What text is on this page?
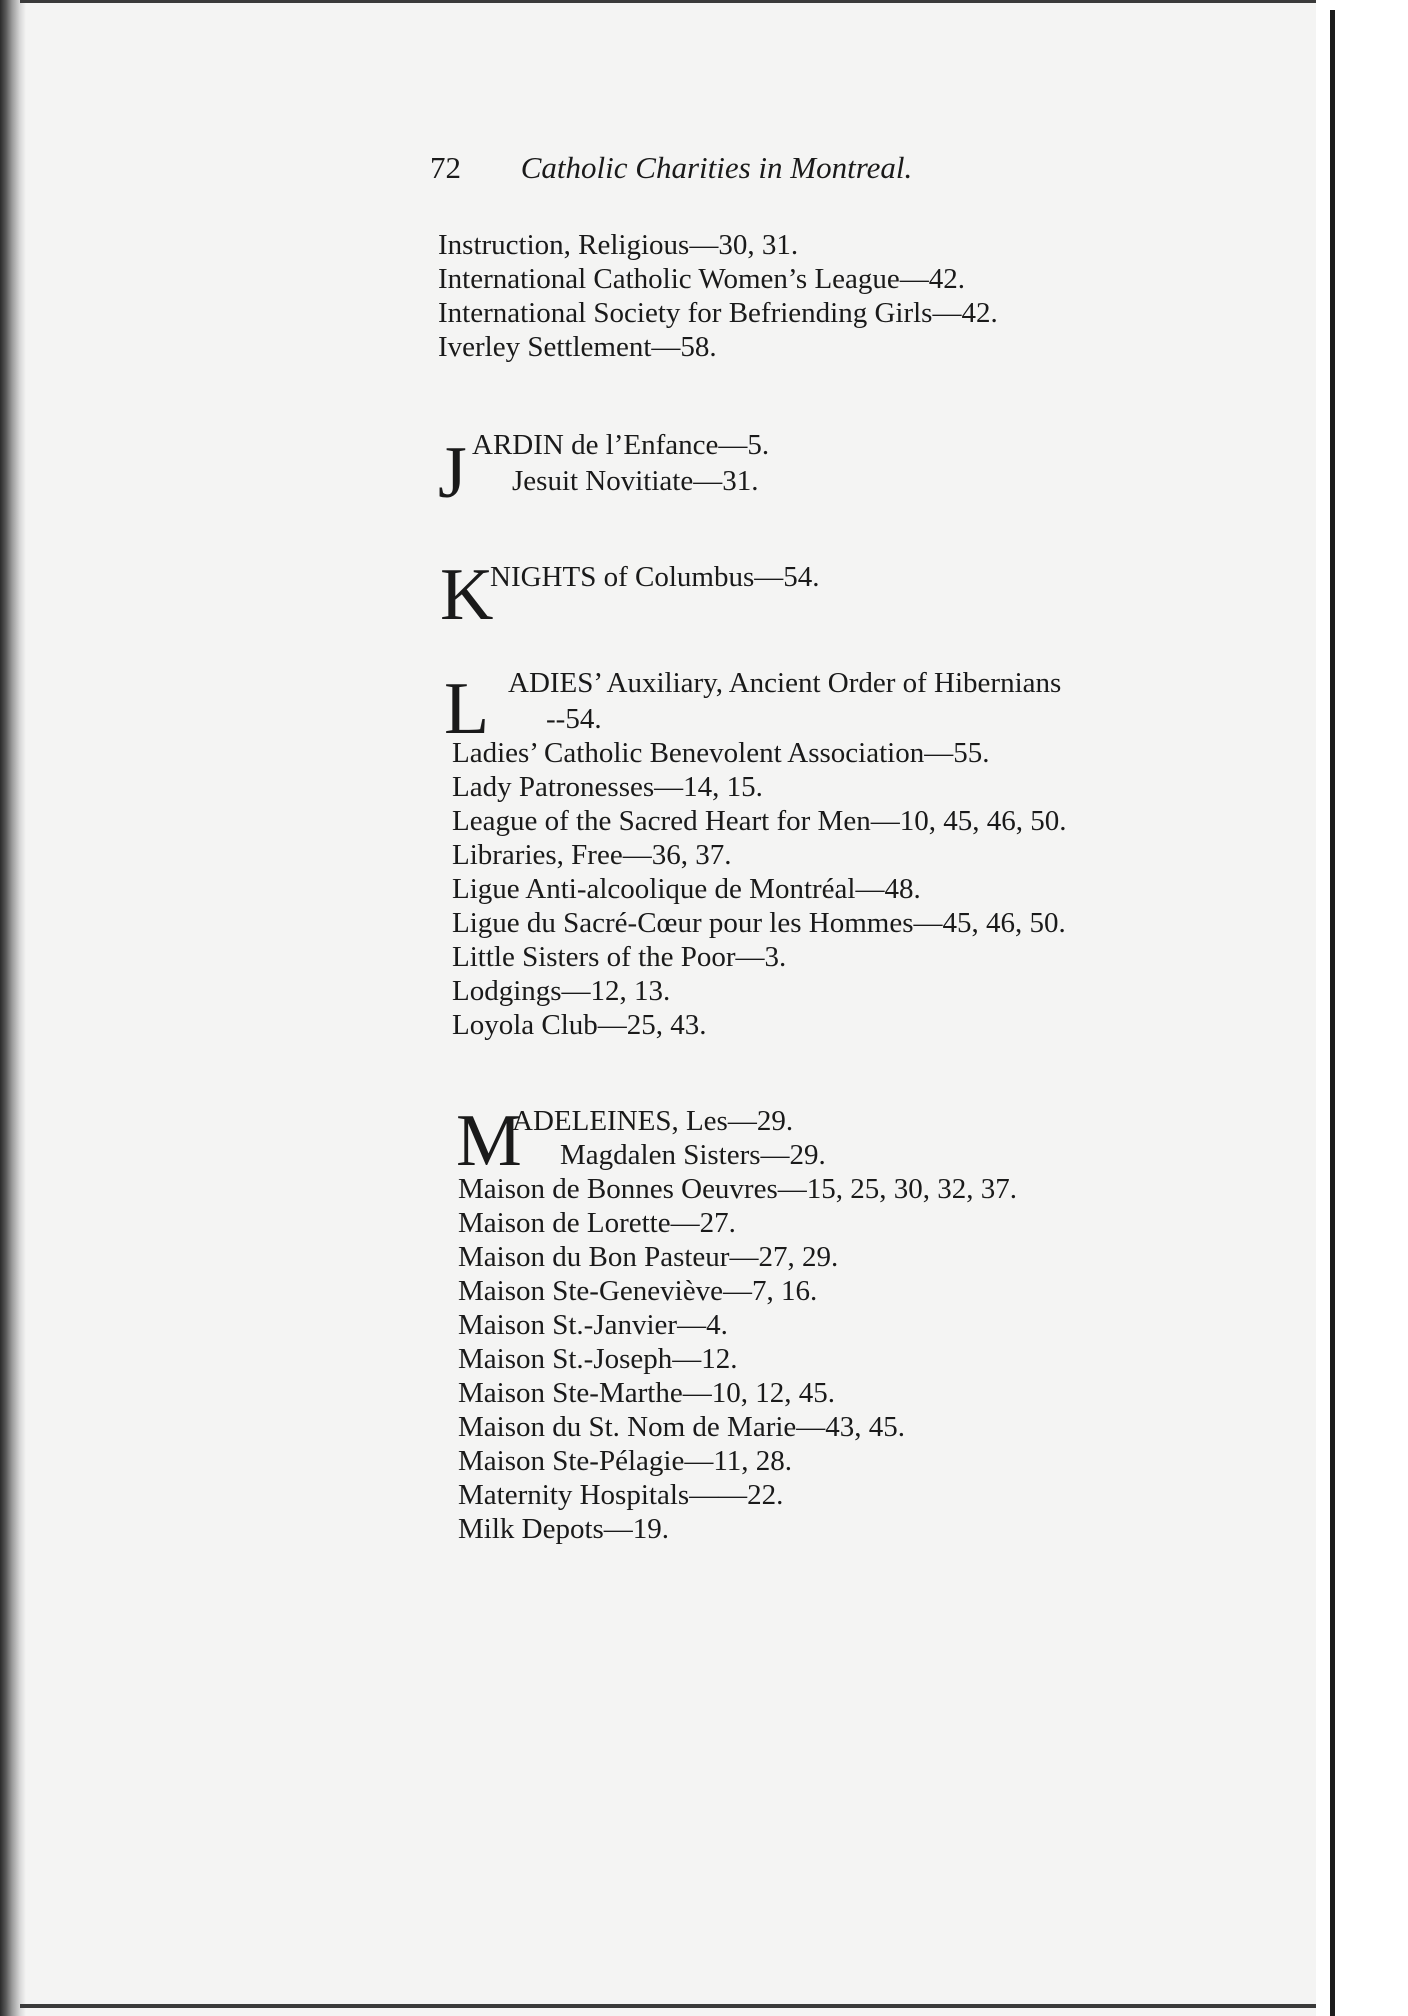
72 Catholic Charities in Montreal.
Instruction, Religious—30, 31.
International Catholic Women’s League—42.
International Society for Befriending Girls—42.
Iverley Settlement—58.
J ARDIN de l’Enfance—5.
Jesuit Novitiate—31.
K
NIGHTS of Columbus—54.
L ADIES’ Auxiliary, Ancient Order of Hibernians
--54.
Ladies’ Catholic Benevolent Association—55.
Lady Patronesses—14, 15.
League of the Sacred Heart for Men—10, 45, 46, 50.
Libraries, Free—36, 37.
Ligue Anti-alcoolique de Montréal—48.
Ligue du Sacré-Cœur pour les Hommes—45, 46, 50.
Little Sisters of the Poor—3.
Lodgings—12, 13.
Loyola Club—25, 43.
M
ADELEINES, Les—29.
Magdalen Sisters—29.
Maison de Bonnes Oeuvres—15, 25, 30, 32, 37.
Maison de Lorette—27.
Maison du Bon Pasteur—27, 29.
Maison Ste-Geneviève—7, 16.
Maison St.-Janvier—4.
Maison St.-Joseph—12.
Maison Ste-Marthe—10, 12, 45.
Maison du St. Nom de Marie—43, 45.
Maison Ste-Pélagie—11, 28.
Maternity Hospitals——22.
Milk Depots—19.
